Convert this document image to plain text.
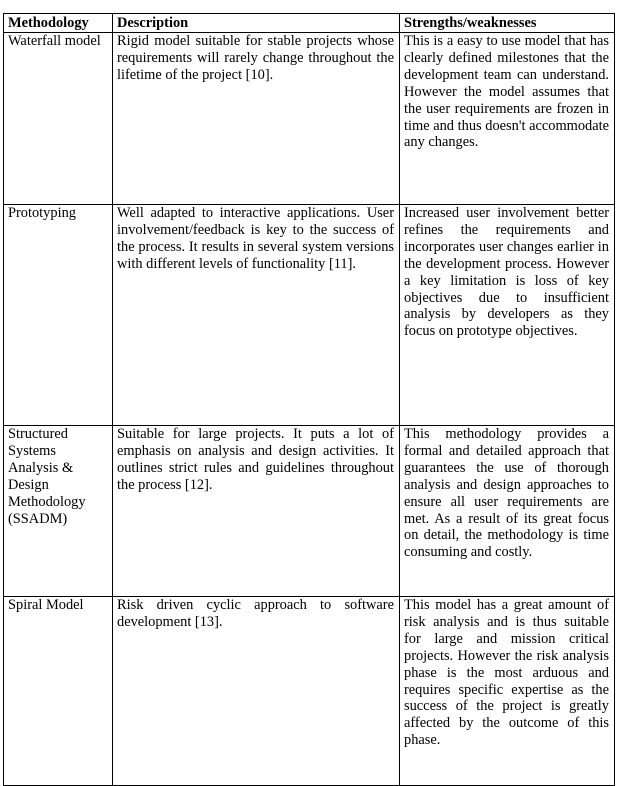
Methodology	Description	Strengths/weaknesses
Waterfall model	Rigid model suitable for stable projects whose requirements will rarely change throughout the lifetime of the project [10].	This is a easy to use model that has clearly defined milestones that the development team can understand. However the model assumes that the user requirements are frozen in time and thus doesn't accommodate any changes.
Prototyping	Well adapted to interactive applications. User involvement/feedback is key to the success of the process. It results in several system versions with different levels of functionality [11].	Increased user involvement better refines the requirements and incorporates user changes earlier in the development process. However a key limitation is loss of key objectives due to insufficient analysis by developers as they focus on prototype objectives.
Structured Systems Analysis & Design Methodology (SSADM)	Suitable for large projects. It puts a lot of emphasis on analysis and design activities. It outlines strict rules and guidelines throughout the process [12].	This methodology provides a formal and detailed approach that guarantees the use of thorough analysis and design approaches to ensure all user requirements are met. As a result of its great focus on detail, the methodology is time consuming and costly.
Spiral Model	Risk driven cyclic approach to software development [13].	This model has a great amount of risk analysis and is thus suitable for large and mission critical projects. However the risk analysis phase is the most arduous and requires specific expertise as the success of the project is greatly affected by the outcome of this phase.
